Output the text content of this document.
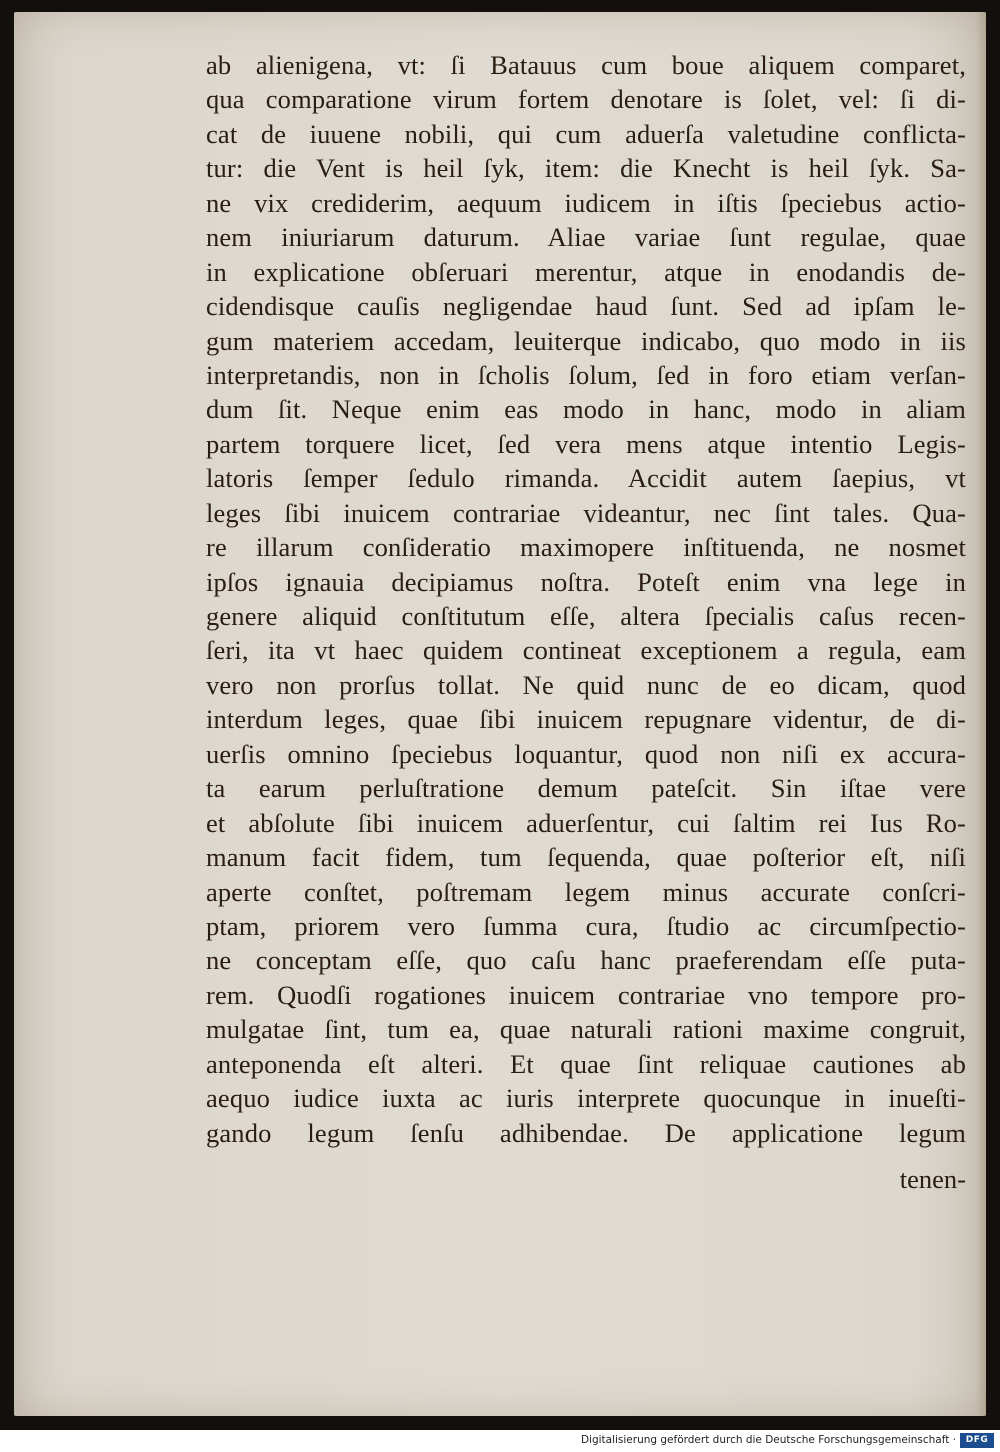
ab alienigena, vt: ſi Batauus cum boue aliquem comparet,
qua comparatione virum fortem denotare is ſolet, vel: ſi di-
cat de iuuene nobili, qui cum aduerſa valetudine conflicta-
tur: die Vent is heil ſyk, item: die Knecht is heil ſyk. Sa-
ne vix crediderim, aequum iudicem in iſtis ſpeciebus actio-
nem iniuriarum daturum. Aliae variae ſunt regulae, quae
in explicatione obſeruari merentur, atque in enodandis de-
cidendisque cauſis negligendae haud ſunt. Sed ad ipſam le-
gum materiem accedam, leuiterque indicabo, quo modo in iis
interpretandis, non in ſcholis ſolum, ſed in foro etiam verſan-
dum ſit. Neque enim eas modo in hanc, modo in aliam
partem torquere licet, ſed vera mens atque intentio Legis-
latoris ſemper ſedulo rimanda. Accidit autem ſaepius, vt
leges ſibi inuicem contrariae videantur, nec ſint tales. Qua-
re illarum conſideratio maximopere inſtituenda, ne nosmet
ipſos ignauia decipiamus noſtra. Poteſt enim vna lege in
genere aliquid conſtitutum eſſe, altera ſpecialis caſus recen-
ſeri, ita vt haec quidem contineat exceptionem a regula, eam
vero non prorſus tollat. Ne quid nunc de eo dicam, quod
interdum leges, quae ſibi inuicem repugnare videntur, de di-
uerſis omnino ſpeciebus loquantur, quod non niſi ex accura-
ta earum perluſtratione demum pateſcit. Sin iſtae vere
et abſolute ſibi inuicem aduerſentur, cui ſaltim rei Ius Ro-
manum facit fidem, tum ſequenda, quae poſterior eſt, niſi
aperte conſtet, poſtremam legem minus accurate conſcri-
ptam, priorem vero ſumma cura, ſtudio ac circumſpectio-
ne conceptam eſſe, quo caſu hanc praeferendam eſſe puta-
rem. Quodſi rogationes inuicem contrariae vno tempore pro-
mulgatae ſint, tum ea, quae naturali rationi maxime congruit,
anteponenda eſt alteri. Et quae ſint reliquae cautiones ab
aequo iudice iuxta ac iuris interprete quocunque in inueſti-
gando legum ſenſu adhibendae. De applicatione legum
tenen-
Digitalisierung gefördert durch die Deutsche Forschungsgemeinschaft ·	DFG
